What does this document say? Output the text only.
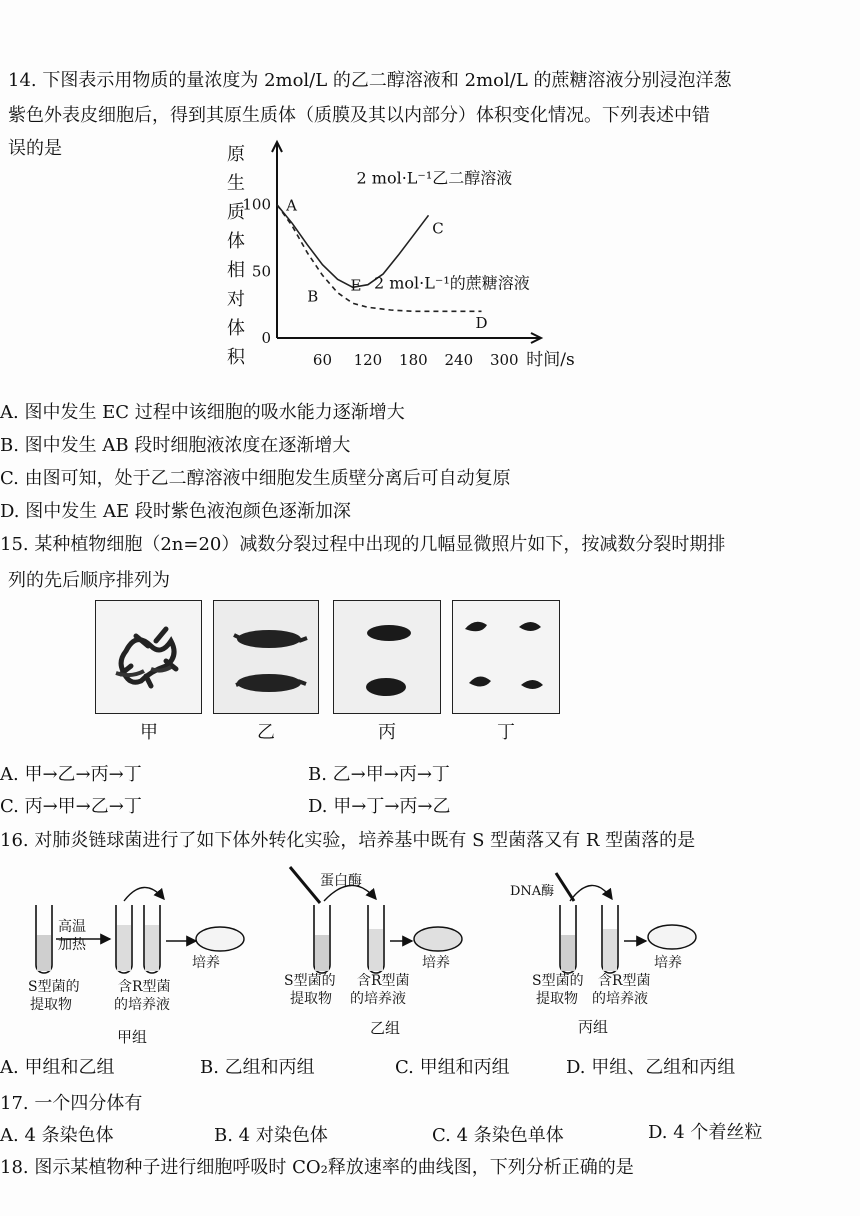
14. 下图表示用物质的量浓度为 2mol/L 的乙二醇溶液和 2mol/L 的蔗糖溶液分别浸泡洋葱
紫色外表皮细胞后，得到其原生质体（质膜及其以内部分）体积变化情况。下列表述中错
误的是	原
生
质
体
相
对
体
积
0
50
100
60 120 180 240 300 时间/s
2 mol·L⁻¹乙二醇溶液
2 mol·L⁻¹的蔗糖溶液
A
B
E
C
D
A. 图中发生 EC 过程中该细胞的吸水能力逐渐增大
B. 图中发生 AB 段时细胞液浓度在逐渐增大
C. 由图可知，处于乙二醇溶液中细胞发生质壁分离后可自动复原
D. 图中发生 AE 段时紫色液泡颜色逐渐加深
15. 某种植物细胞（2n=20）减数分裂过程中出现的几幅显微照片如下，按减数分裂时期排
列的先后顺序排列为
甲	乙	丙	丁
A. 甲→乙→丙→丁	B. 乙→甲→丙→丁
C. 丙→甲→乙→丁	D. 甲→丁→丙→乙
16. 对肺炎链球菌进行了如下体外转化实验，培养基中既有 S 型菌落又有 R 型菌落的是
高温
加热
培养
S型菌的
提取物
含R型菌
的培养液
甲组
蛋白酶
培养
S型菌的
提取物
含R型菌
的培养液
乙组
DNA酶
培养
S型菌的
提取物
含R型菌
的培养液
丙组
A. 甲组和乙组	B. 乙组和丙组	C. 甲组和丙组	D. 甲组、乙组和丙组
17. 一个四分体有
A. 4 条染色体	B. 4 对染色体	C. 4 条染色单体	D. 4 个着丝粒
18. 图示某植物种子进行细胞呼吸时 CO₂释放速率的曲线图，下列分析正确的是
